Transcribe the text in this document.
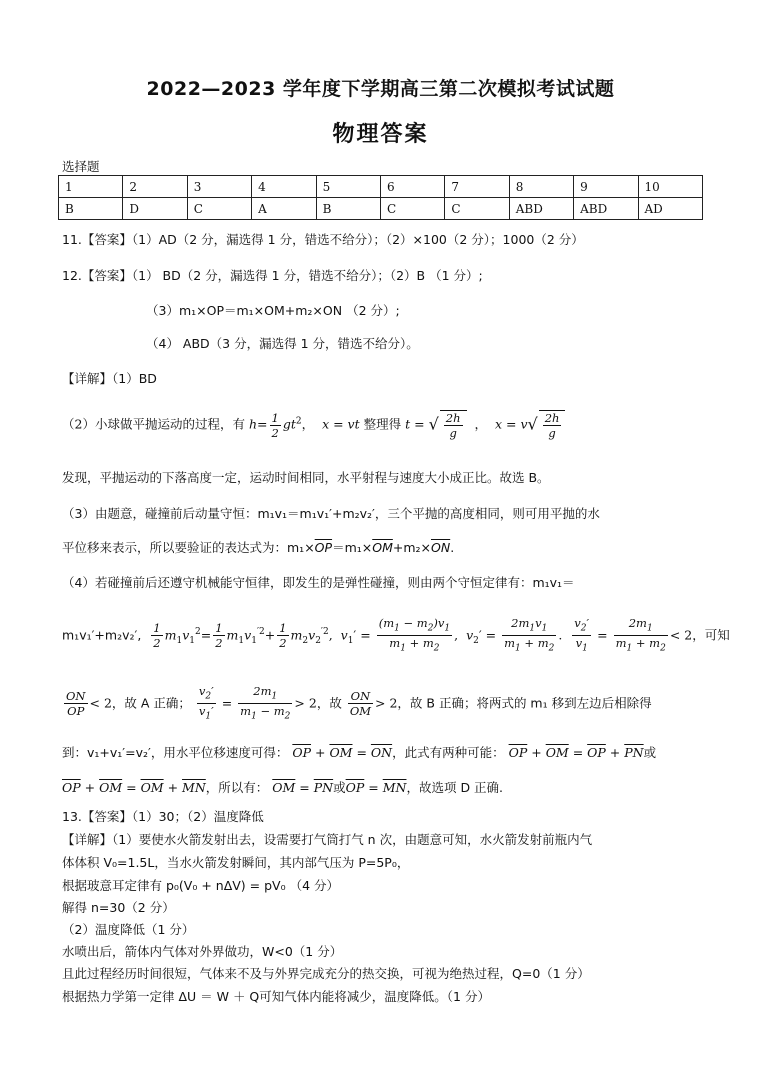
2022—2023 学年度下学期高三第二次模拟考试试题
物理答案
选择题
1	2	3	4	5	6	7	8	9	10
B	D	C	A	B	C	C	ABD	ABD	AD
11.【答案】（1）AD（2 分，漏选得 1 分，错选不给分）；（2）×100（2 分）；1000（2 分）
12.【答案】（1） BD（2 分，漏选得 1 分，错选不给分）；（2）B （1 分）;
（3）m₁×OP＝m₁×OM+m₂×ON （2 分）;
（4） ABD（3 分，漏选得 1 分，错选不给分）。
【详解】（1）BD
（2）小球做平抛运动的过程，有 $h= \frac{1}{2} gt^2$， x = vt 整理得 t = √ $\frac{2h}{g}$ ， $x = v√ \frac{2h}{g}$
发现，平抛运动的下落高度一定，运动时间相同，水平射程与速度大小成正比。故选 B。
（3）由题意，碰撞前后动量守恒：m₁v₁＝m₁v₁′+m₂v₂′，三个平抛的高度相同，则可用平抛的水
平位移来表示，所以要验证的表达式为：$m_1\times\overline{OP}=m_1\times\overline{OM}+m_2\times\overline{ON}$.
（4）若碰撞前后还遵守机械能守恒律，即发生的是弹性碰撞，则由两个守恒定律有：m₁v₁＝
m₁v₁′+m₂v₂′, $\frac{1}{2} m_1v_1^2= \frac{1}{2} m_1v_1^{'2}+ \frac{1}{2} m_2v_2^{'2}$,  $v_1' = \frac{(m_1 - m_2)v_1}{m_1 + m_2}$ ,  $v_2' = \frac{2m_1v_1}{m_1 + m_2}$ . $\frac{v_2'}{v_1} = \frac{2m_1}{m_1 + m_2} < 2$，可知
$\frac{ON}{OP} < 2$，故 A 正确； $\frac{v_2'}{v_1'} = \frac{2m_1}{m_1 - m_2} > 2$，故 $\frac{ON}{OM} > 2$，故 B 正确；将两式的 m₁ 移到左边后相除得
到：v₁+v₁′=v₂′，用水平位移速度可得： $\overline{OP} + \overline{OM} = \overline{ON}$，此式有两种可能： $\overline{OP} + \overline{OM} = \overline{OP} + \overline{PN}$或
$\overline{OP} + \overline{OM} = \overline{OM} + \overline{MN}$，所以有： $\overline{OM} = \overline{PN}$或$\overline{OP} = \overline{MN}$，故选项 D 正确.
13.【答案】（1）30；（2）温度降低
【详解】（1）要使水火箭发射出去，设需要打气筒打气 n 次，由题意可知，水火箭发射前瓶内气
体体积 V₀=1.5L，当水火箭发射瞬间，其内部气压为 P=5P₀，
根据玻意耳定律有 p₀(V₀ + nΔV) = pV₀ （4 分）
解得 n=30（2 分）
（2）温度降低（1 分）
水喷出后，箭体内气体对外界做功，W<0（1 分）
且此过程经历时间很短，气体来不及与外界完成充分的热交换，可视为绝热过程，Q=0（1 分）
根据热力学第一定律 ΔU ＝ W ＋ Q可知气体内能将减少，温度降低。（1 分）
